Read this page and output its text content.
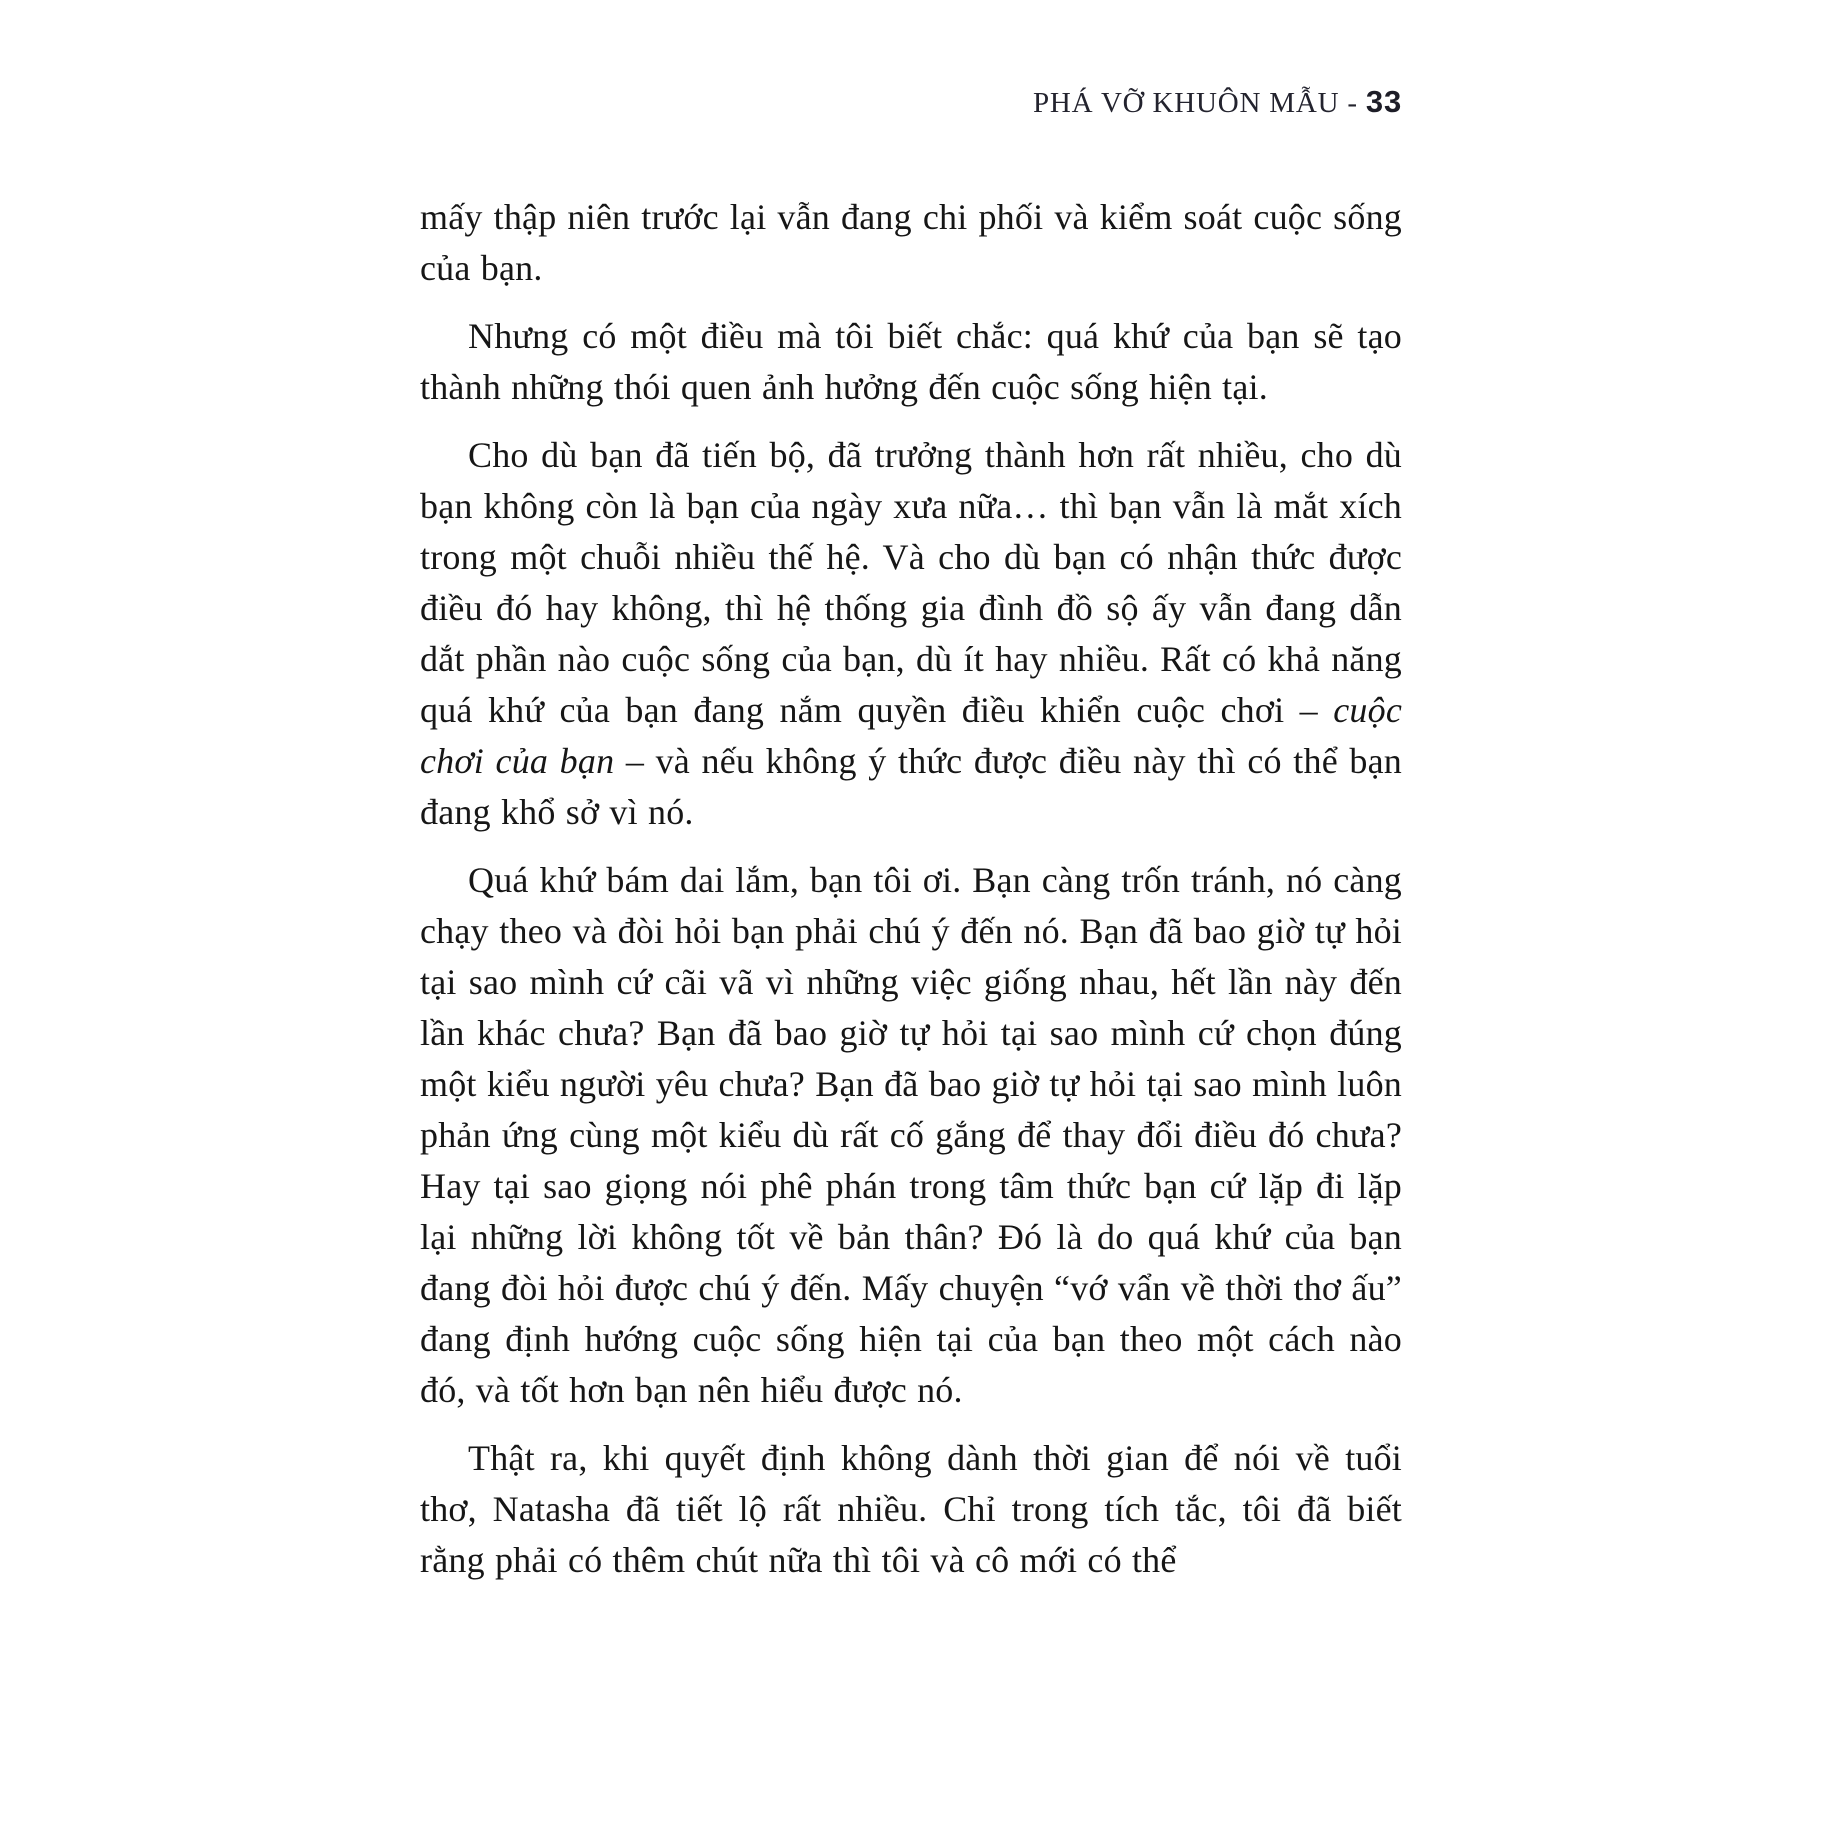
PHÁ VỠ KHUÔN MẪU - 33

mấy thập niên trước lại vẫn đang chi phối và kiểm soát cuộc sống của bạn.

Nhưng có một điều mà tôi biết chắc: quá khứ của bạn sẽ tạo thành những thói quen ảnh hưởng đến cuộc sống hiện tại.

Cho dù bạn đã tiến bộ, đã trưởng thành hơn rất nhiều, cho dù bạn không còn là bạn của ngày xưa nữa… thì bạn vẫn là mắt xích trong một chuỗi nhiều thế hệ. Và cho dù bạn có nhận thức được điều đó hay không, thì hệ thống gia đình đồ sộ ấy vẫn đang dẫn dắt phần nào cuộc sống của bạn, dù ít hay nhiều. Rất có khả năng quá khứ của bạn đang nắm quyền điều khiển cuộc chơi – cuộc chơi của bạn – và nếu không ý thức được điều này thì có thể bạn đang khổ sở vì nó.

Quá khứ bám dai lắm, bạn tôi ơi. Bạn càng trốn tránh, nó càng chạy theo và đòi hỏi bạn phải chú ý đến nó. Bạn đã bao giờ tự hỏi tại sao mình cứ cãi vã vì những việc giống nhau, hết lần này đến lần khác chưa? Bạn đã bao giờ tự hỏi tại sao mình cứ chọn đúng một kiểu người yêu chưa? Bạn đã bao giờ tự hỏi tại sao mình luôn phản ứng cùng một kiểu dù rất cố gắng để thay đổi điều đó chưa? Hay tại sao giọng nói phê phán trong tâm thức bạn cứ lặp đi lặp lại những lời không tốt về bản thân? Đó là do quá khứ của bạn đang đòi hỏi được chú ý đến. Mấy chuyện “vớ vẩn về thời thơ ấu” đang định hướng cuộc sống hiện tại của bạn theo một cách nào đó, và tốt hơn bạn nên hiểu được nó.

Thật ra, khi quyết định không dành thời gian để nói về tuổi thơ, Natasha đã tiết lộ rất nhiều. Chỉ trong tích tắc, tôi đã biết rằng phải có thêm chút nữa thì tôi và cô mới có thể
